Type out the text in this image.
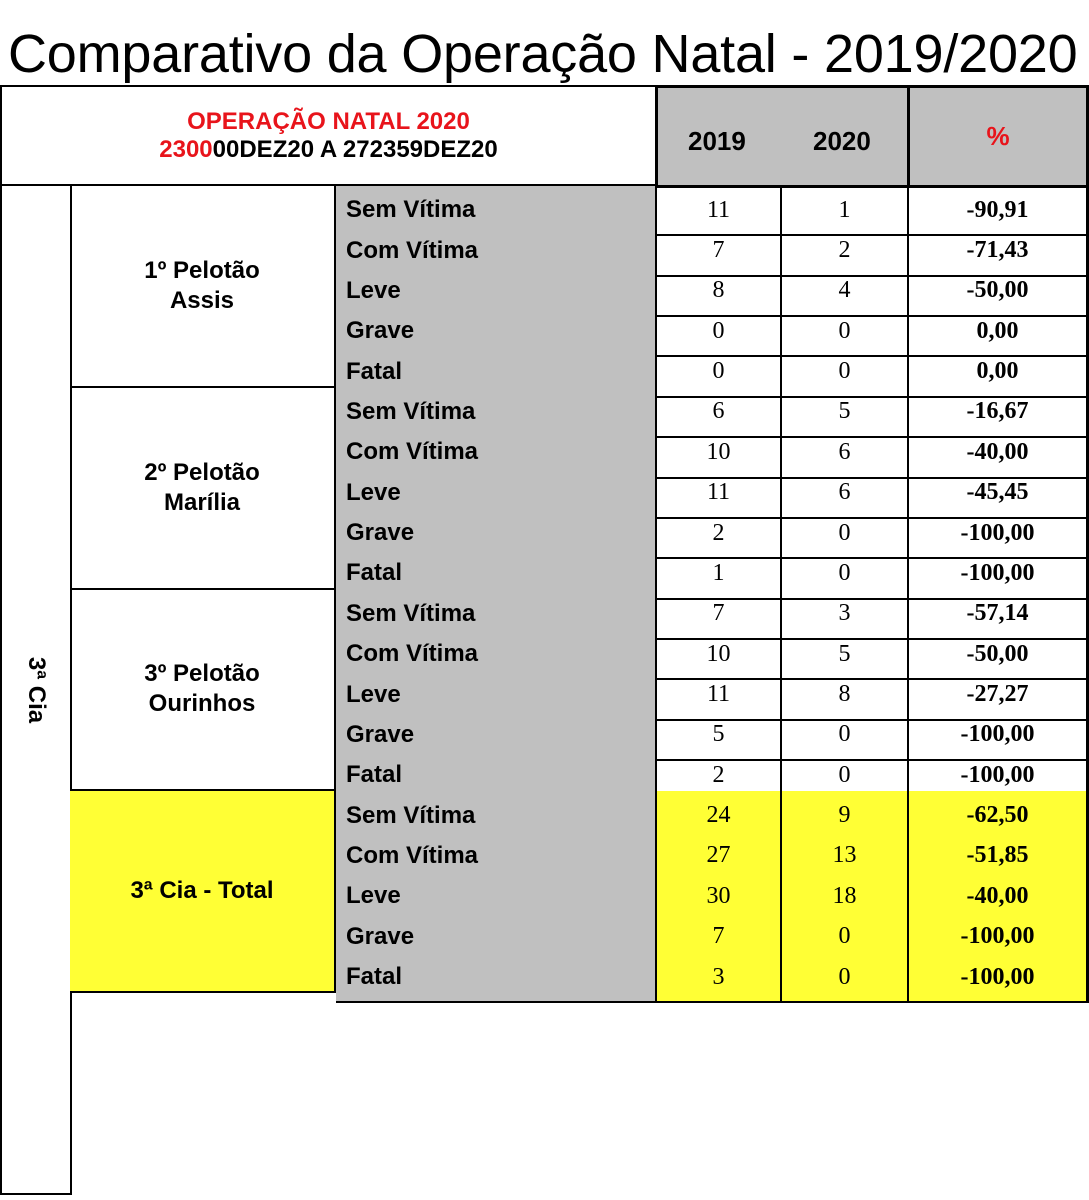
Comparativo da Operação Natal - 2019/2020
OPERAÇÃO NATAL 2020
230000DEZ20 A 272359DEZ20	2019	2020	%
3ª Cia
1º Pelotão
Assis
Sem Vítima	11	1	-90,91
Com Vítima	7	2	-71,43
Leve	8	4	-50,00
Grave	0	0	0,00
Fatal	0	0	0,00
2º Pelotão
Marília
Sem Vítima	6	5	-16,67
Com Vítima	10	6	-40,00
Leve	11	6	-45,45
Grave	2	0	-100,00
Fatal	1	0	-100,00
3º Pelotão
Ourinhos
Sem Vítima	7	3	-57,14
Com Vítima	10	5	-50,00
Leve	11	8	-27,27
Grave	5	0	-100,00
Fatal	2	0	-100,00
3ª Cia - Total
Sem Vítima	24	9	-62,50
Com Vítima	27	13	-51,85
Leve	30	18	-40,00
Grave	7	0	-100,00
Fatal	3	0	-100,00
